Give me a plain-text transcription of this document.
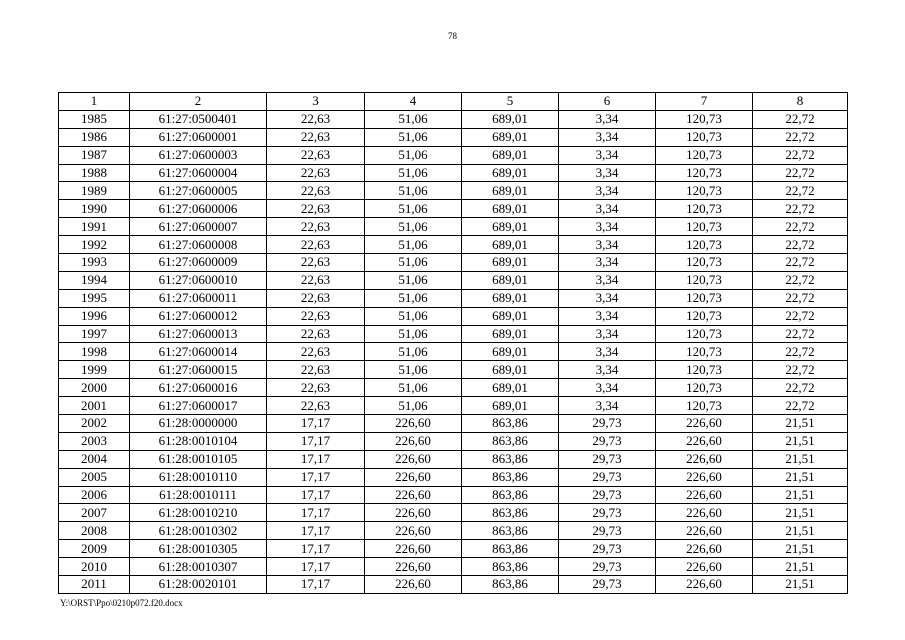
78
1	2	3	4	5	6	7	8
1985	61:27:0500401	22,63	51,06	689,01	3,34	120,73	22,72
1986	61:27:0600001	22,63	51,06	689,01	3,34	120,73	22,72
1987	61:27:0600003	22,63	51,06	689,01	3,34	120,73	22,72
1988	61:27:0600004	22,63	51,06	689,01	3,34	120,73	22,72
1989	61:27:0600005	22,63	51,06	689,01	3,34	120,73	22,72
1990	61:27:0600006	22,63	51,06	689,01	3,34	120,73	22,72
1991	61:27:0600007	22,63	51,06	689,01	3,34	120,73	22,72
1992	61:27:0600008	22,63	51,06	689,01	3,34	120,73	22,72
1993	61:27:0600009	22,63	51,06	689,01	3,34	120,73	22,72
1994	61:27:0600010	22,63	51,06	689,01	3,34	120,73	22,72
1995	61:27:0600011	22,63	51,06	689,01	3,34	120,73	22,72
1996	61:27:0600012	22,63	51,06	689,01	3,34	120,73	22,72
1997	61:27:0600013	22,63	51,06	689,01	3,34	120,73	22,72
1998	61:27:0600014	22,63	51,06	689,01	3,34	120,73	22,72
1999	61:27:0600015	22,63	51,06	689,01	3,34	120,73	22,72
2000	61:27:0600016	22,63	51,06	689,01	3,34	120,73	22,72
2001	61:27:0600017	22,63	51,06	689,01	3,34	120,73	22,72
2002	61:28:0000000	17,17	226,60	863,86	29,73	226,60	21,51
2003	61:28:0010104	17,17	226,60	863,86	29,73	226,60	21,51
2004	61:28:0010105	17,17	226,60	863,86	29,73	226,60	21,51
2005	61:28:0010110	17,17	226,60	863,86	29,73	226,60	21,51
2006	61:28:0010111	17,17	226,60	863,86	29,73	226,60	21,51
2007	61:28:0010210	17,17	226,60	863,86	29,73	226,60	21,51
2008	61:28:0010302	17,17	226,60	863,86	29,73	226,60	21,51
2009	61:28:0010305	17,17	226,60	863,86	29,73	226,60	21,51
2010	61:28:0010307	17,17	226,60	863,86	29,73	226,60	21,51
2011	61:28:0020101	17,17	226,60	863,86	29,73	226,60	21,51
Y:\ORST\Ppo\0210p072.f20.docx
